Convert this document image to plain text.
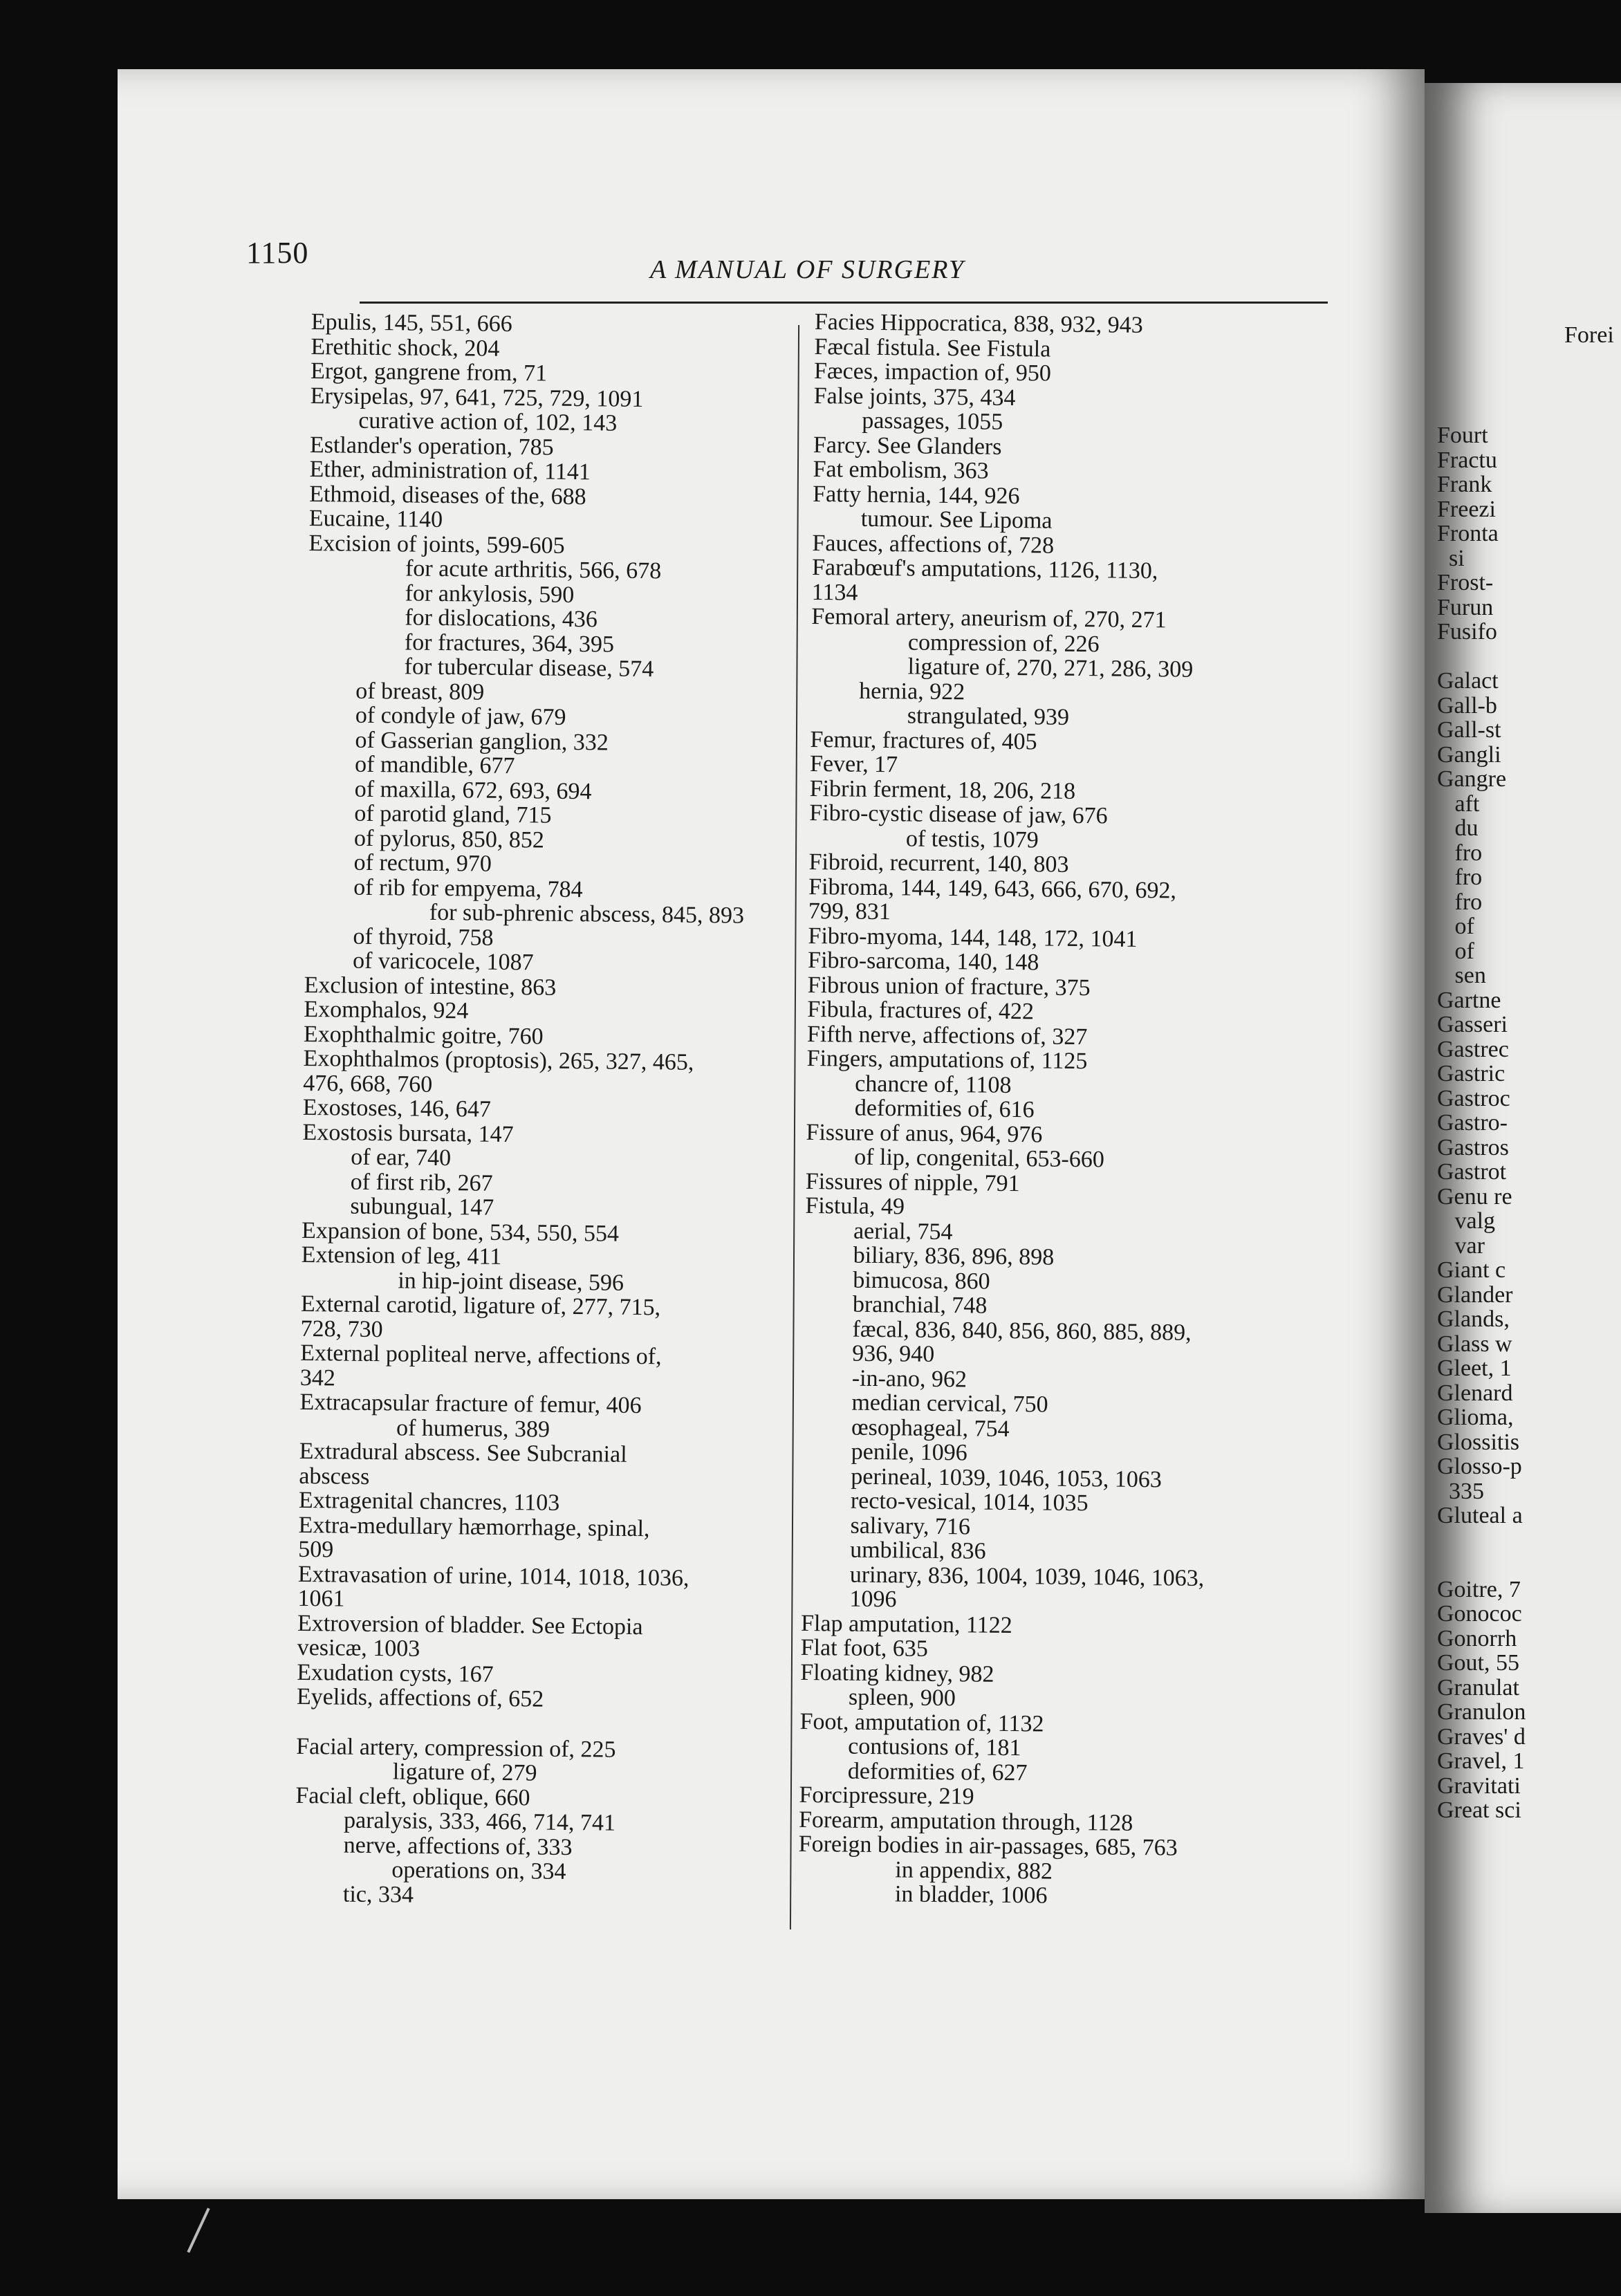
1150	A MANUAL OF SURGERY
Epulis, 145, 551, 666
Erethitic shock, 204
Ergot, gangrene from, 71
Erysipelas, 97, 641, 725, 729, 1091
curative action of, 102, 143
Estlander's operation, 785
Ether, administration of, 1141
Ethmoid, diseases of the, 688
Eucaine, 1140
Excision of joints, 599-605
for acute arthritis, 566, 678
for ankylosis, 590
for dislocations, 436
for fractures, 364, 395
for tubercular disease, 574
of breast, 809
of condyle of jaw, 679
of Gasserian ganglion, 332
of mandible, 677
of maxilla, 672, 693, 694
of parotid gland, 715
of pylorus, 850, 852
of rectum, 970
of rib for empyema, 784
for sub-phrenic abscess, 845, 893
of thyroid, 758
of varicocele, 1087
Exclusion of intestine, 863
Exomphalos, 924
Exophthalmic goitre, 760
Exophthalmos (proptosis), 265, 327, 465,
476, 668, 760
Exostoses, 146, 647
Exostosis bursata, 147
of ear, 740
of first rib, 267
subungual, 147
Expansion of bone, 534, 550, 554
Extension of leg, 411
in hip-joint disease, 596
External carotid, ligature of, 277, 715,
728, 730
External popliteal nerve, affections of,
342
Extracapsular fracture of femur, 406
of humerus, 389
Extradural abscess. See Subcranial
abscess
Extragenital chancres, 1103
Extra-medullary hæmorrhage, spinal,
509
Extravasation of urine, 1014, 1018, 1036,
1061
Extroversion of bladder. See Ectopia
vesicæ, 1003
Exudation cysts, 167
Eyelids, affections of, 652
Facial artery, compression of, 225
ligature of, 279
Facial cleft, oblique, 660
paralysis, 333, 466, 714, 741
nerve, affections of, 333
operations on, 334
tic, 334
Facies Hippocratica, 838, 932, 943
Fæcal fistula. See Fistula
Fæces, impaction of, 950
False joints, 375, 434
passages, 1055
Farcy. See Glanders
Fat embolism, 363
Fatty hernia, 144, 926
tumour. See Lipoma
Fauces, affections of, 728
Farabœuf's amputations, 1126, 1130,
1134
Femoral artery, aneurism of, 270, 271
compression of, 226
ligature of, 270, 271, 286, 309
hernia, 922
strangulated, 939
Femur, fractures of, 405
Fever, 17
Fibrin ferment, 18, 206, 218
Fibro-cystic disease of jaw, 676
of testis, 1079
Fibroid, recurrent, 140, 803
Fibroma, 144, 149, 643, 666, 670, 692,
799, 831
Fibro-myoma, 144, 148, 172, 1041
Fibro-sarcoma, 140, 148
Fibrous union of fracture, 375
Fibula, fractures of, 422
Fifth nerve, affections of, 327
Fingers, amputations of, 1125
chancre of, 1108
deformities of, 616
Fissure of anus, 964, 976
of lip, congenital, 653-660
Fissures of nipple, 791
Fistula, 49
aerial, 754
biliary, 836, 896, 898
bimucosa, 860
branchial, 748
fæcal, 836, 840, 856, 860, 885, 889,
936, 940
-in-ano, 962
median cervical, 750
œsophageal, 754
penile, 1096
perineal, 1039, 1046, 1053, 1063
recto-vesical, 1014, 1035
salivary, 716
umbilical, 836
urinary, 836, 1004, 1039, 1046, 1063,
1096
Flap amputation, 1122
Flat foot, 635
Floating kidney, 982
spleen, 900
Foot, amputation of, 1132
contusions of, 181
deformities of, 627
Forcipressure, 219
Forearm, amputation through, 1128
Foreign bodies in air-passages, 685, 763
in appendix, 882
in bladder, 1006
Forei
Fourt
Fractu
Frank
Freezi
Fronta
si
Frost-
Furun
Fusifo
Galact
Gall-b
Gall-st
Gangli
Gangre
aft
du
fro
fro
fro
of
of
sen
Gartne
Gasseri
Gastrec
Gastric
Gastroc
Gastro-
Gastros
Gastrot
Genu re
valg
var
Giant c
Glander
Glands,
Glass w
Gleet, 1
Glenard
Glioma,
Glossitis
Glosso-p
335
Gluteal a
Goitre, 7
Gonococ
Gonorrh
Gout, 55
Granulat
Granulon
Graves' d
Gravel, 1
Gravitati
Great sci
